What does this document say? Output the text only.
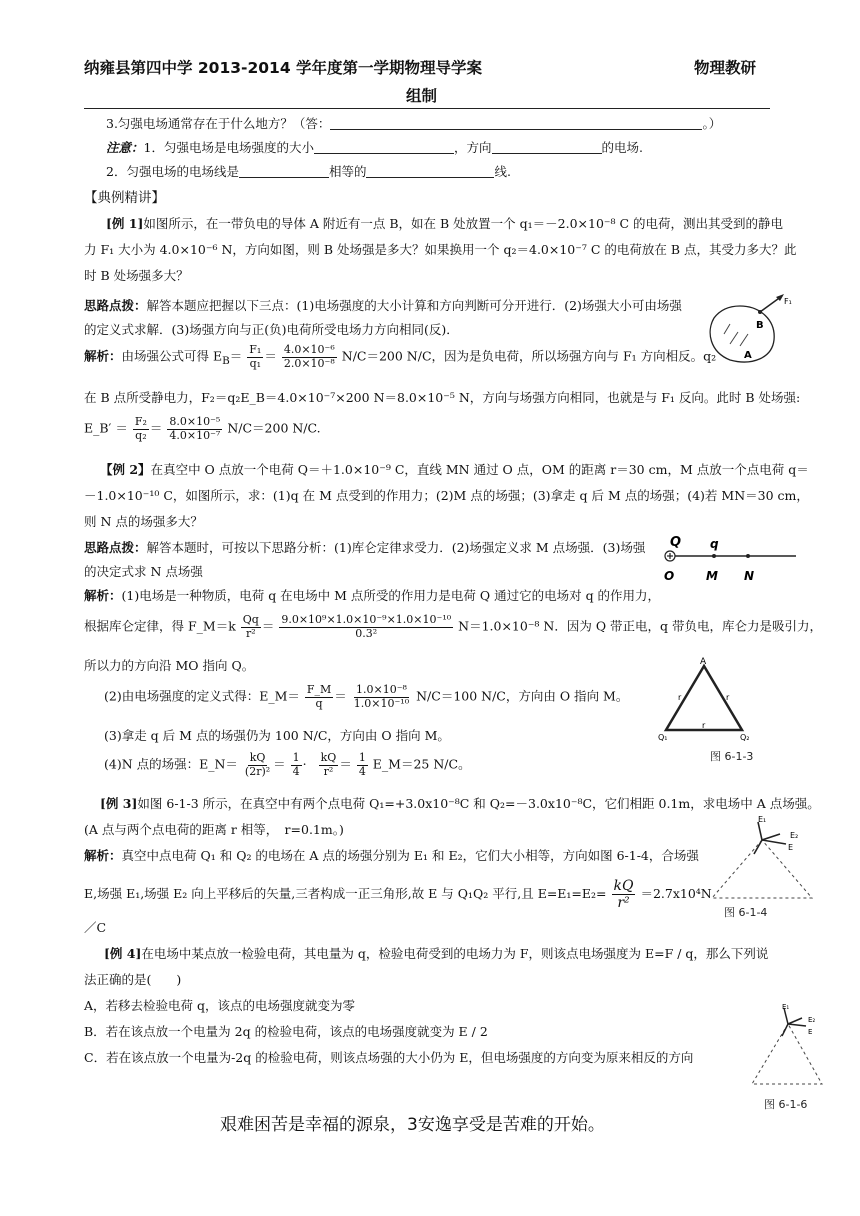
纳雍县第四中学 2013-2014 学年度第一学期物理导学案	物理教研
组制
3.匀强电场通常存在于什么地方？（答：	。）
注意：1．匀强电场是电场强度的大小	，方向	的电场.
2．匀强电场的电场线是	相等的	线.
【典例精讲】
[例 1]如图所示，在一带负电的导体 A 附近有一点 B，如在 B 处放置一个 q₁＝－2.0×10⁻⁸ C 的电荷，测出其受到的静电
力 F₁ 大小为 4.0×10⁻⁶ N，方向如图，则 B 处场强是多大？如果换用一个 q₂＝4.0×10⁻⁷ C 的电荷放在 B 点，其受力多大？此
时 B 处场强多大？
思路点拨：解答本题应把握以下三点：(1)电场强度的大小计算和方向判断可分开进行．(2)场强大小可由场强
的定义式求解．(3)场强方向与正(负)电荷所受电场力方向相同(反)．	B
A
F₁
解析：由场强公式可得 $E_B= \frac{\text{F₁}}{\text{q₁}} = \frac{\text{4.0×10⁻⁶}}{\text{2.0×10⁻⁸}} N/C=200$ N/C，因为是负电荷，所以场强方向与 F₁ 方向相反。q₂
在 B 点所受静电力，F₂＝q₂E_B＝4.0×10⁻⁷×200 N＝8.0×10⁻⁵ N，方向与场强方向相同，也就是与 F₁ 反向。此时 B 处场强:
E_B′ ＝ $\frac{\text{F₂}}{\text{q₂}} = \frac{\text{8.0×10⁻⁵}}{\text{4.0×10⁻⁷}} N/C=200$ N/C.
【例 2】在真空中 O 点放一个电荷 Q＝＋1.0×10⁻⁹ C，直线 MN 通过 O 点，OM 的距离 r＝30 cm，M 点放一个点电荷 q＝
－1.0×10⁻¹⁰ C，如图所示，求：(1)q 在 M 点受到的作用力；(2)M 点的场强；(3)拿走 q 后 M 点的场强；(4)若 MN＝30 cm，
则 N 点的场强多大？
思路点拨：解答本题时，可按以下思路分析：(1)库仑定律求受力．(2)场强定义求 M 点场强．(3)场强
的决定式求 N 点场强
Q q
O	M N
解析：(1)电场是一种物质，电荷 q 在电场中 M 点所受的作用力是电荷 Q 通过它的电场对 q 的作用力，
根据库仑定律，得 F_M＝k $\frac{Qq}{\text{r²}} = \frac{\text{9.0×10⁹×1.0×10⁻⁹×1.0×10⁻¹⁰}}{\text{0.3²}} N=1.0\times 10^{-8}$ N．因为 Q 带正电，q 带负电，库仑力是吸引力，
所以力的方向沿 MO 指向 Q。
(2)由电场强度的定义式得：E_M＝ $\frac{F\_M}{q} = \frac{\text{1.0×10⁻⁸}}{\text{1.0×10⁻¹⁰}} N/C=100$ N/C，方向由 O 指向 M。
(3)拿走 q 后 M 点的场强仍为 100 N/C，方向由 O 指向 M。
(4)N 点的场强：E_N＝ $\frac{kQ}{\text{(2r)²}} = \frac{1}{4} \cdot \frac{kQ}{\text{r²}} = \frac{1}{4}$ E_M＝25 N/C。
A
r	r
r
Q₁	Q₂
图 6-1-3
[例 3]如图 6-1-3 所示，在真空中有两个点电荷 Q₁=+3.0x10⁻⁸C 和 Q₂=－3.0x10⁻⁸C，它们相距 0.1m，求电场中 A 点场强。
(A 点与两个点电荷的距离 r 相等，　r=0.1m。)
解析：真空中点电荷 Q₁ 和 Q₂ 的电场在 A 点的场强分别为 E₁ 和 E₂，它们大小相等，方向如图 6-1-4，合场强
E,场强 E₁,场强 E₂ 向上平移后的矢量,三者构成一正三角形,故 E 与 Q₁Q₂ 平行,且 $E=E_1=E_2= \frac{kQ}{\text{r²}} =2.7x10^4N$
／C
E₁
E₂
E
图 6-1-4
[例 4]在电场中某点放一检验电荷，其电量为 q，检验电荷受到的电场力为 F，则该点电场强度为 E=F / q，那么下列说
法正确的是(　　)
A，若移去检验电荷 q，该点的电场强度就变为零
B．若在该点放一个电量为 2q 的检验电荷，该点的电场强度就变为 E / 2
C．若在该点放一个电量为-2q 的检验电荷，则该点场强的大小仍为 E，但电场强度的方向变为原来相反的方向
E₁
E₂
E
图 6-1-6
艰难困苦是幸福的源泉，3安逸享受是苦难的开始。
